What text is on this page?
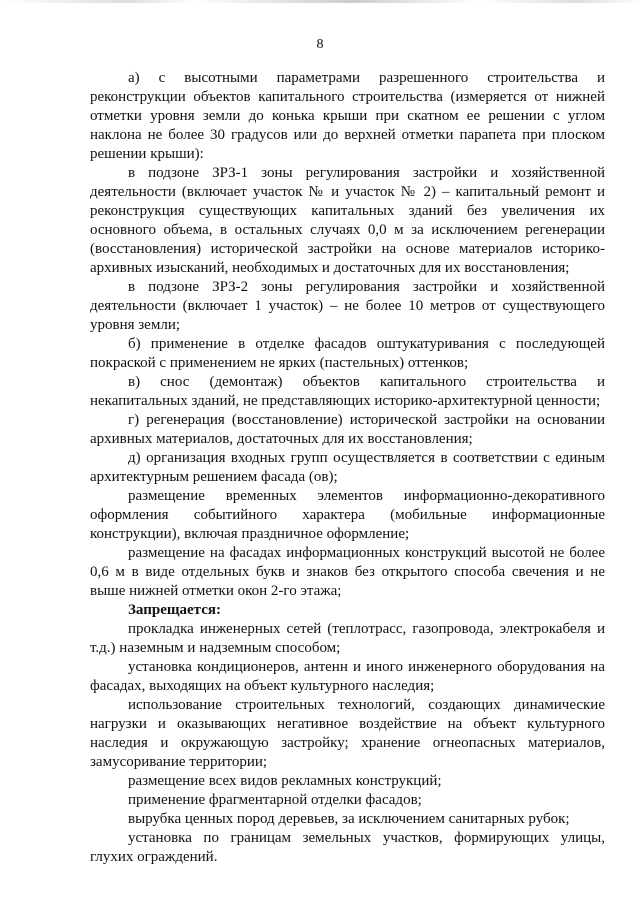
8

а) с высотными параметрами разрешенного строительства и реконструкции объектов капитального строительства (измеряется от нижней отметки уровня земли до конька крыши при скатном ее решении с углом наклона не более 30 градусов или до верхней отметки парапета при плоском решении крыши):

в подзоне ЗРЗ-1 зоны регулирования застройки и хозяйственной деятельности (включает участок № и участок № 2) – капитальный ремонт и реконструкция существующих капитальных зданий без увеличения их основного объема, в остальных случаях 0,0 м за исключением регенерации (восстановления) исторической застройки на основе материалов историко-архивных изысканий, необходимых и достаточных для их восстановления;

в подзоне ЗРЗ-2 зоны регулирования застройки и хозяйственной деятельности (включает 1 участок) – не более 10 метров от существующего уровня земли;

б) применение в отделке фасадов оштукатуривания с последующей покраской с применением не ярких (пастельных) оттенков;

в) снос (демонтаж) объектов капитального строительства и некапитальных зданий, не представляющих историко-архитектурной ценности;

г) регенерация (восстановление) исторической застройки на основании архивных материалов, достаточных для их восстановления;

д) организация входных групп осуществляется в соответствии с единым архитектурным решением фасада (ов);

размещение временных элементов информационно-декоративного оформления событийного характера (мобильные информационные конструкции), включая праздничное оформление;

размещение на фасадах информационных конструкций высотой не более 0,6 м в виде отдельных букв и знаков без открытого способа свечения и не выше нижней отметки окон 2-го этажа;

Запрещается:

прокладка инженерных сетей (теплотрасс, газопровода, электрокабеля и т.д.) наземным и надземным способом;

установка кондиционеров, антенн и иного инженерного оборудования на фасадах, выходящих на объект культурного наследия;

использование строительных технологий, создающих динамические нагрузки и оказывающих негативное воздействие на объект культурного наследия и окружающую застройку; хранение огнеопасных материалов, замусоривание территории;

размещение всех видов рекламных конструкций;

применение фрагментарной отделки фасадов;

вырубка ценных пород деревьев, за исключением санитарных рубок;

установка по границам земельных участков, формирующих улицы, глухих ограждений.
